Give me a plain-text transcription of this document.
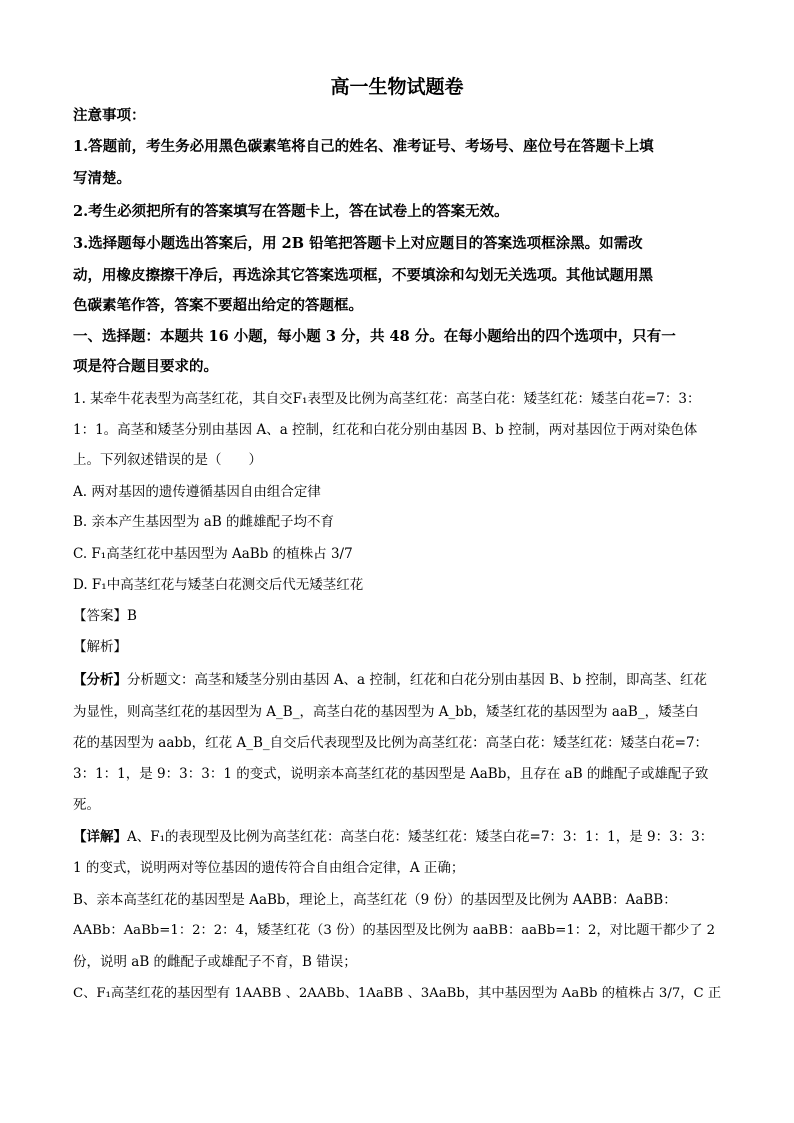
高一生物试题卷
注意事项：
1.答题前，考生务必用黑色碳素笔将自己的姓名、准考证号、考场号、座位号在答题卡上填
写清楚。
2.考生必须把所有的答案填写在答题卡上，答在试卷上的答案无效。
3.选择题每小题选出答案后，用 2B 铅笔把答题卡上对应题目的答案选项框涂黑。如需改
动，用橡皮擦擦干净后，再选涂其它答案选项框，不要填涂和勾划无关选项。其他试题用黑
色碳素笔作答，答案不要超出给定的答题框。
一、选择题：本题共 16 小题，每小题 3 分，共 48 分。在每小题给出的四个选项中，只有一
项是符合题目要求的。
1. 某牵牛花表型为高茎红花，其自交F₁表型及比例为高茎红花：高茎白花：矮茎红花：矮茎白花=7：3：
1：1。高茎和矮茎分别由基因 A、a 控制，红花和白花分别由基因 B、b 控制，两对基因位于两对染色体
上。下列叙述错误的是（　　）
A. 两对基因的遗传遵循基因自由组合定律
B. 亲本产生基因型为 aB 的雌雄配子均不育
C. F₁高茎红花中基因型为 AaBb 的植株占 3/7
D. F₁中高茎红花与矮茎白花测交后代无矮茎红花
【答案】B
【解析】
【分析】分析题文：高茎和矮茎分别由基因 A、a 控制，红花和白花分别由基因 B、b 控制，即高茎、红花
为显性，则高茎红花的基因型为 A_B_，高茎白花的基因型为 A_bb，矮茎红花的基因型为 aaB_，矮茎白
花的基因型为 aabb，红花 A_B_自交后代表现型及比例为高茎红花：高茎白花：矮茎红花：矮茎白花=7：
3：1：1，是 9：3：3：1 的变式，说明亲本高茎红花的基因型是 AaBb，且存在 aB 的雌配子或雄配子致
死。
【详解】A、F₁的表现型及比例为高茎红花：高茎白花：矮茎红花：矮茎白花=7：3：1：1，是 9：3：3：
1 的变式，说明两对等位基因的遗传符合自由组合定律，A 正确；
B、亲本高茎红花的基因型是 AaBb，理论上，高茎红花（9 份）的基因型及比例为 AABB：AaBB：
AABb：AaBb=1：2：2：4，矮茎红花（3 份）的基因型及比例为 aaBB：aaBb=1：2，对比题干都少了 2
份，说明 aB 的雌配子或雄配子不育，B 错误；
C、F₁高茎红花的基因型有 1AABB 、2AABb、1AaBB 、3AaBb，其中基因型为 AaBb 的植株占 3/7，C 正
